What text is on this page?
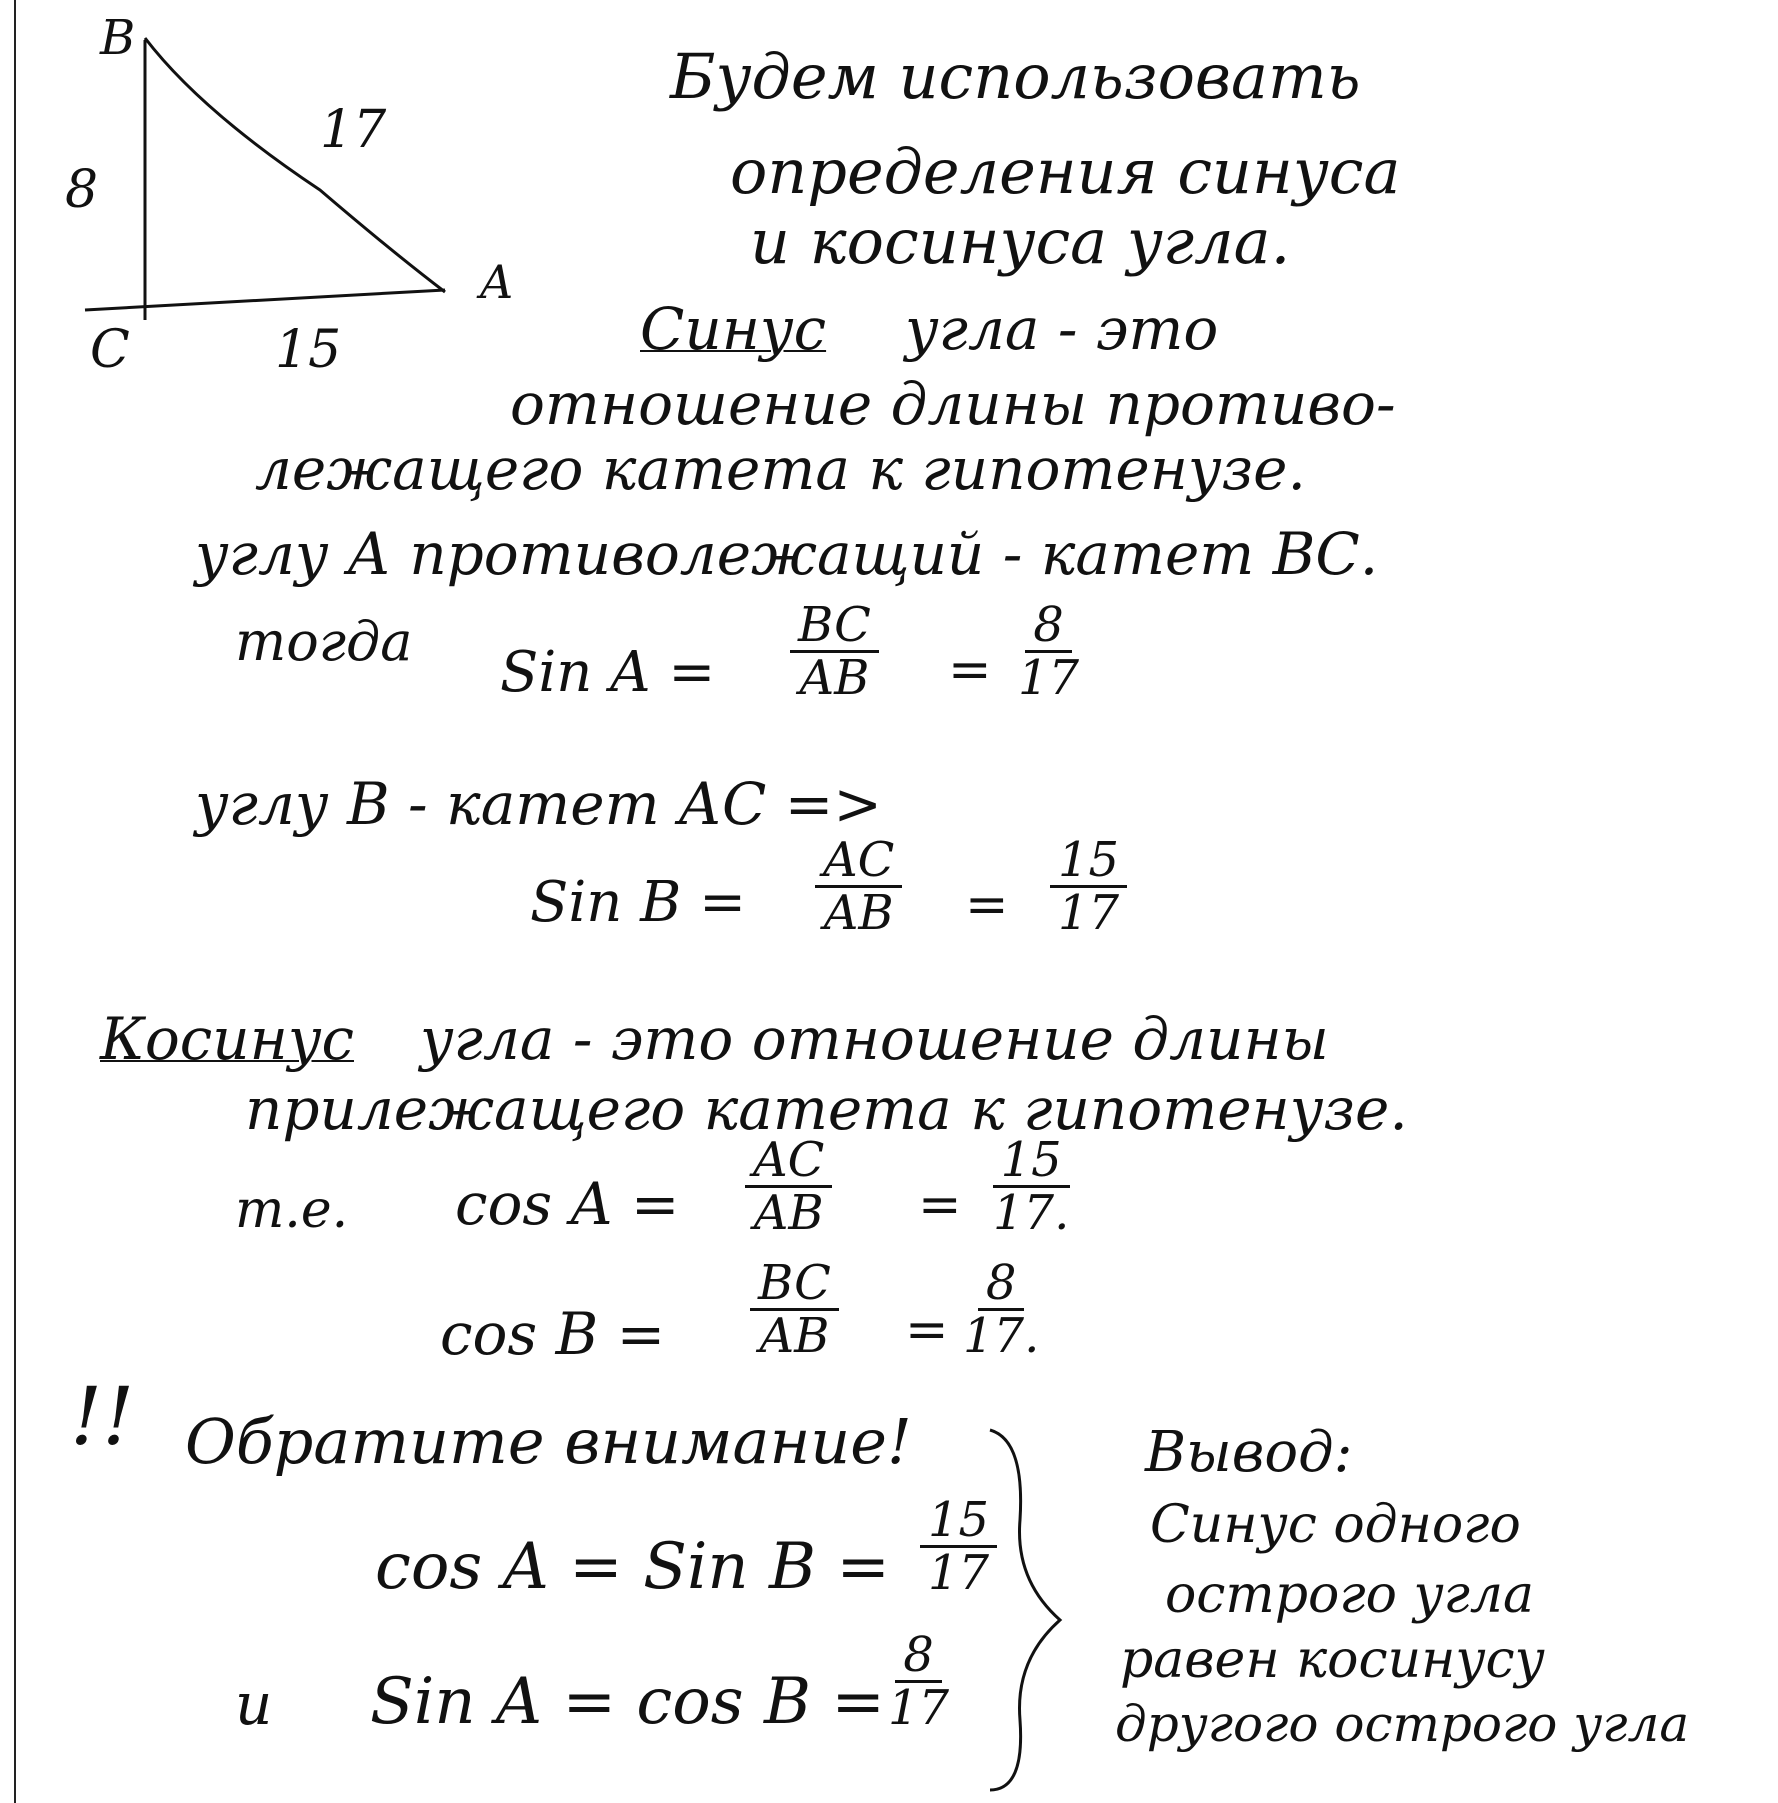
B
A
C
8
17
15
Будем использовать
определения синуса
и косинуса угла.
Синус угла - это
отношение длины противо-
лежащего катета к гипотенузе.
углу А противолежащий - катет ВС.
тогда Sin $A = \frac{BC}{AB} = \frac{8}{17}$
углу В - катет АС =>
Sin $B = \frac{AC}{AB} = \frac{15}{17}$
Косинус угла - это отношение длины
прилежащего катета к гипотенузе.
т.е. $\cos A = \frac{AC}{AB} = \frac{15}{17.}$
$\cos B = \frac{BC}{AB} = \frac{8}{17.}$
!! Обратите внимание!
cos A = Sin $B = \frac{15}{17}$
и Sin A = cos B =
$\frac{8}{17}$
Вывод:
Синус одного
острого угла
равен косинусу
другого острого угла
